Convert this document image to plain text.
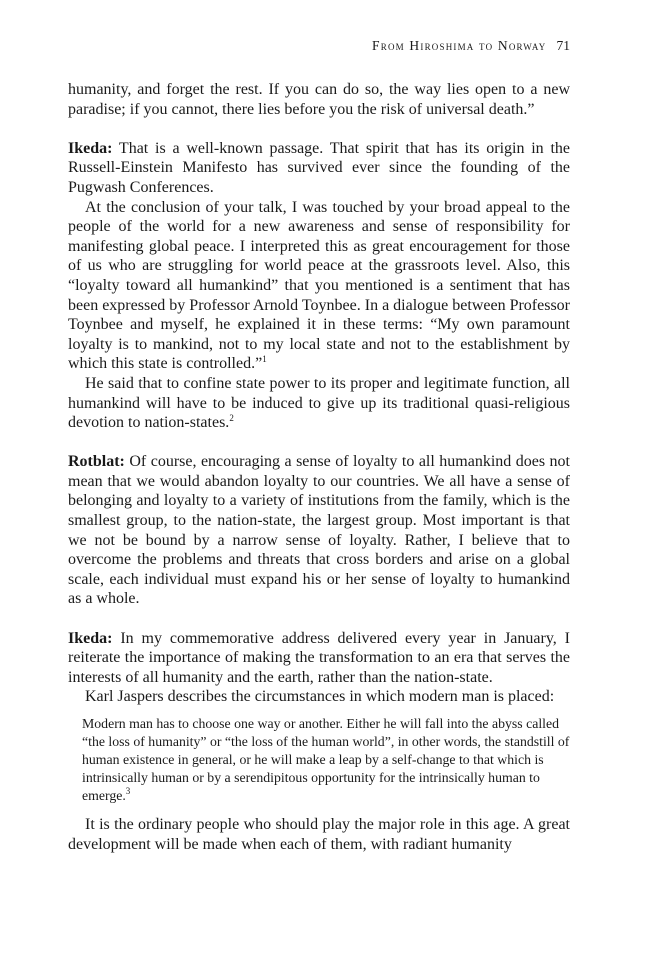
From Hiroshima to Norway 71

humanity, and forget the rest. If you can do so, the way lies open to a new paradise; if you cannot, there lies before you the risk of universal death.”

Ikeda: That is a well-known passage. That spirit that has its origin in the Russell-Einstein Manifesto has survived ever since the founding of the Pugwash Conferences.

At the conclusion of your talk, I was touched by your broad appeal to the people of the world for a new awareness and sense of responsibility for manifesting global peace. I interpreted this as great encouragement for those of us who are struggling for world peace at the grassroots level. Also, this “loyalty toward all humankind” that you mentioned is a sentiment that has been expressed by Professor Arnold Toynbee. In a dialogue between Professor Toynbee and myself, he explained it in these terms: “My own paramount loyalty is to mankind, not to my local state and not to the establishment by which this state is controlled.”$^1$

He said that to confine state power to its proper and legitimate function, all humankind will have to be induced to give up its traditional quasi-religious devotion to nation-states.$^2$

Rotblat: Of course, encouraging a sense of loyalty to all humankind does not mean that we would abandon loyalty to our countries. We all have a sense of belonging and loyalty to a variety of institutions from the family, which is the smallest group, to the nation-state, the largest group. Most important is that we not be bound by a narrow sense of loyalty. Rather, I believe that to overcome the problems and threats that cross borders and arise on a global scale, each individual must expand his or her sense of loyalty to humankind as a whole.

Ikeda: In my commemorative address delivered every year in January, I reiterate the importance of making the transformation to an era that serves the interests of all humanity and the earth, rather than the nation-state.

Karl Jaspers describes the circumstances in which modern man is placed:

Modern man has to choose one way or another. Either he will fall into the abyss called “the loss of humanity” or “the loss of the human world”, in other words, the standstill of human existence in general, or he will make a leap by a self-change to that which is intrinsically human or by a serendipitous opportunity for the intrinsically human to emerge.$^3$

It is the ordinary people who should play the major role in this age. A great development will be made when each of them, with radiant humanity
